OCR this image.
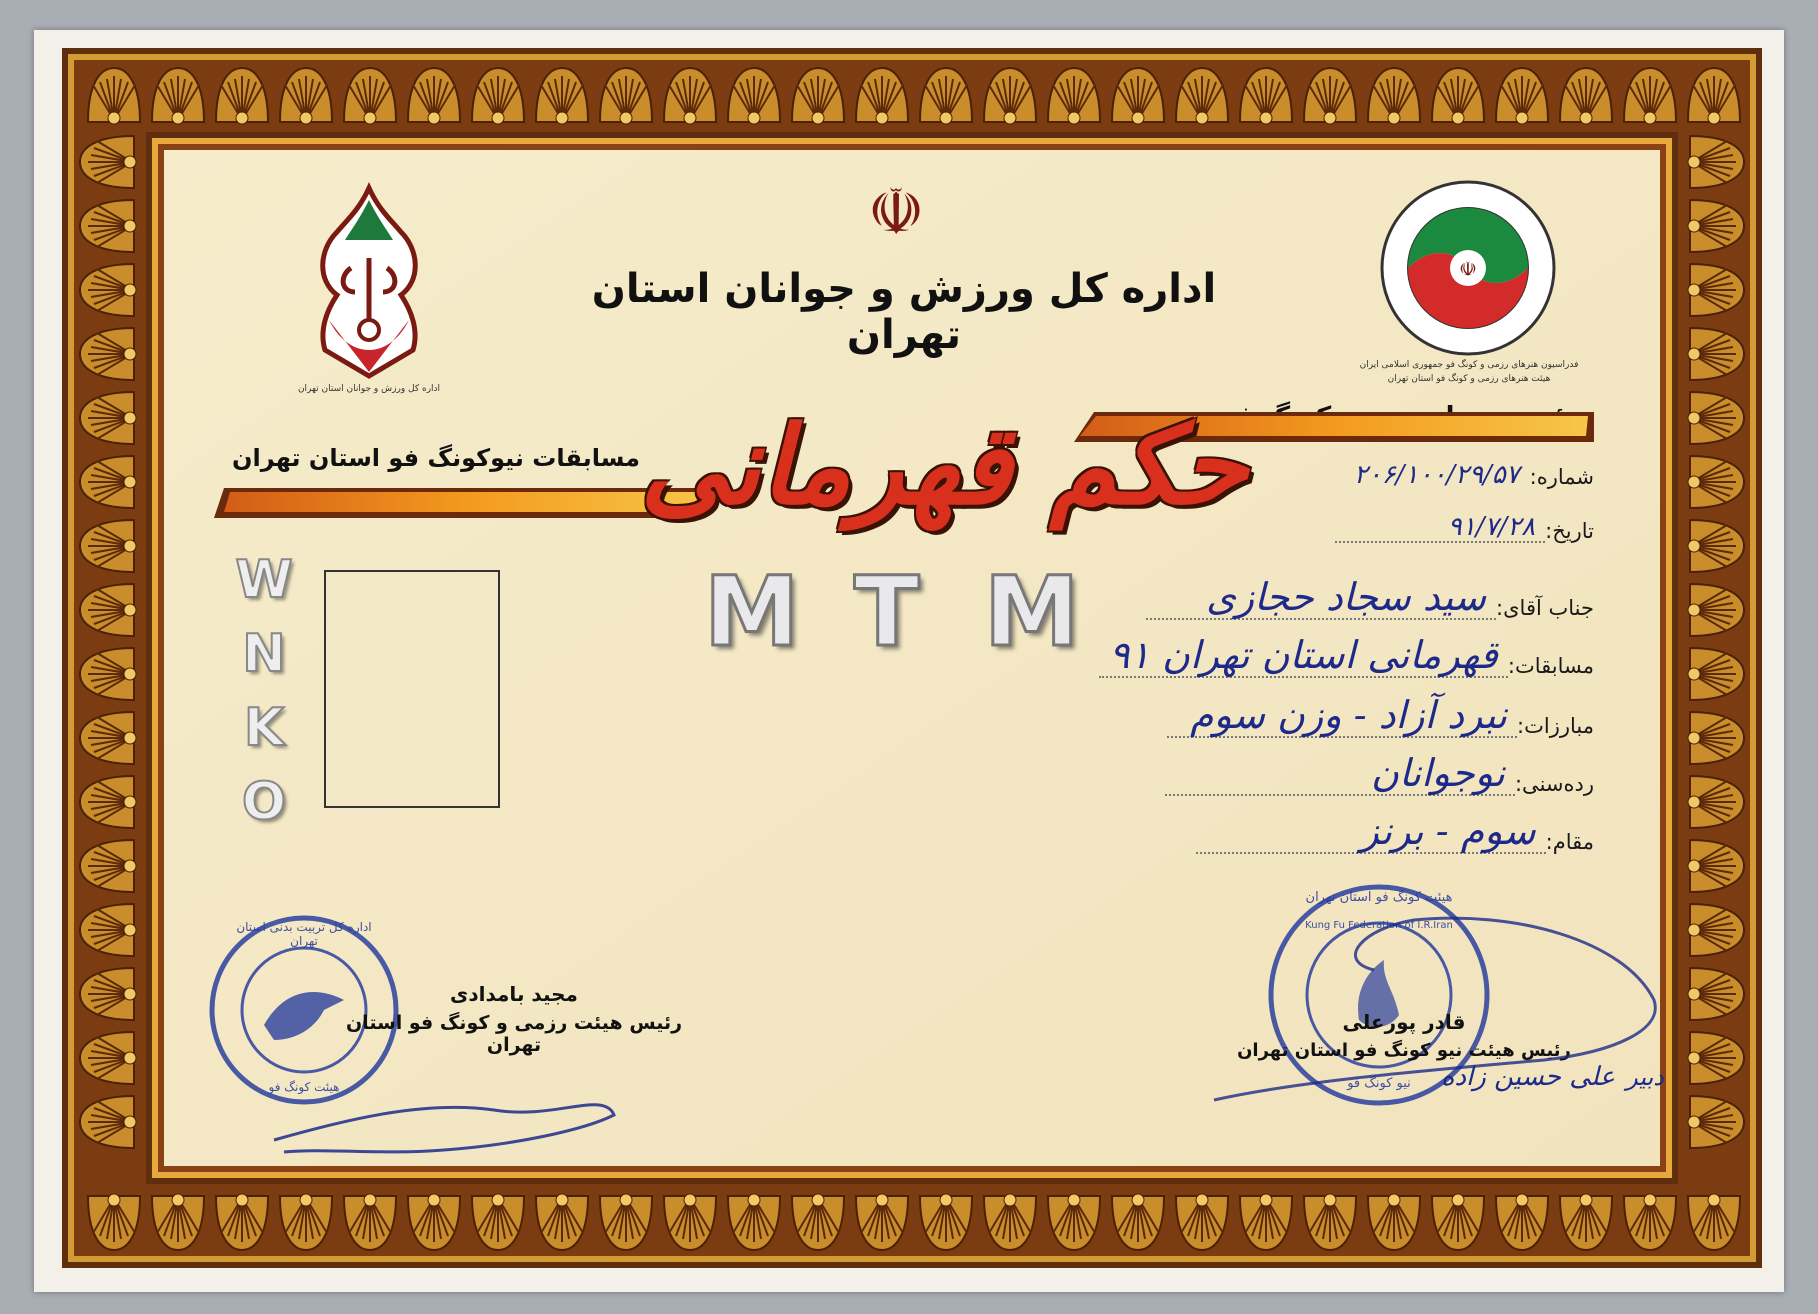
☫
اداره کل ورزش و جوانان استان تهران
اداره کل ورزش و جوانان استان تهران
☫
فدراسیون هنرهای رزمی و کونگ فو جمهوری اسلامی ایران
هیئت هنرهای رزمی و کونگ فو استان تهران
مسابقات نیوکونگ فو استان تهران حکم قهرمانی
M T M
W
N
K
O
شماره:
۲۰۶/۱۰۰/۲۹/۵۷
تاریخ:
۹۱/۷/۲۸
جناب آقای:
سید سجاد حجازی
مسابقات:
قهرمانی استان تهران ۹۱
مبارزات:
نبرد آزاد - وزن سوم
رده‌سنی:
نوجوانان
مقام:
سوم - برنز
اداره کل تربیت بدنی استان تهران
هیئت کونگ فو
مجید بامدادی
رئیس هیئت رزمی و کونگ فو استان تهران
هیئت کونگ فو استان تهران
Kung Fu Federation of I.R.Iran
نیو کونگ فو
قادر پورعلی
رئیس هیئت نیو کونگ فو استان تهران
دبیر علی حسین زاده
